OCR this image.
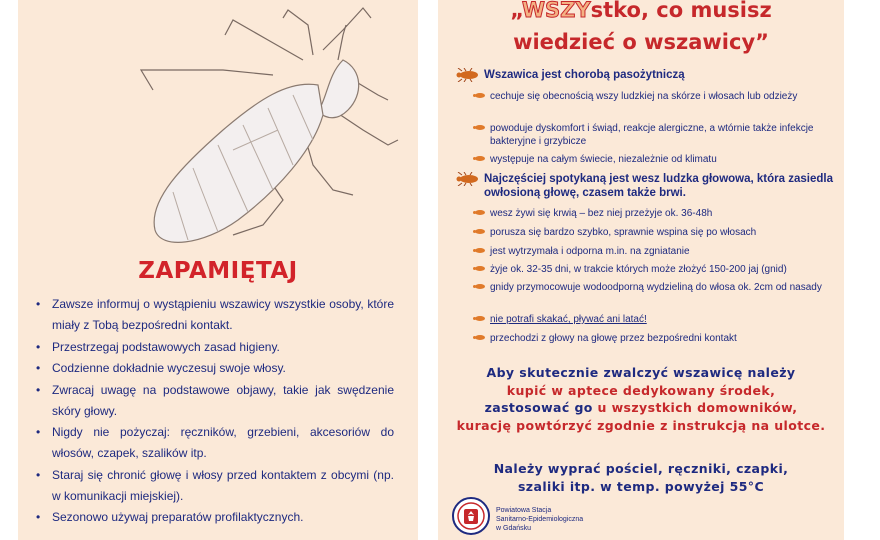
ZAPAMIĘTAJ
• Zawsze informuj o wystąpieniu wszawicy wszystkie osoby, które miały z Tobą bezpośredni kontakt.
• Przestrzegaj podstawowych zasad higieny.
• Codzienne dokładnie wyczesuj swoje włosy.
• Zwracaj uwagę na podstawowe objawy, takie jak swędzenie skóry głowy.
• Nigdy nie pożyczaj: ręczników, grzebieni, akcesoriów do włosów, czapek, szalików itp.
• Staraj się chronić głowę i włosy przed kontaktem z obcymi (np. w komunikacji miejskiej).
• Sezonowo używaj preparatów profilaktycznych.
„WSZYstko, co musisz
wiedzieć o wszawicy”
Wszawica jest chorobą pasożytniczą
cechuje się obecnością wszy ludzkiej na skórze i włosach lub odzieży
powoduje dyskomfort i świąd, reakcje alergiczne, a wtórnie także infekcje bakteryjne i grzybicze
występuje na całym świecie, niezależnie od klimatu
Najczęściej spotykaną jest wesz ludzka głowowa, która zasiedla owłosioną głowę, czasem także brwi.
wesz żywi się krwią – bez niej przeżyje ok. 36-48h
porusza się bardzo szybko, sprawnie wspina się po włosach
jest wytrzymała i odporna m.in. na zgniatanie
żyje ok. 32-35 dni, w trakcie których może złożyć 150-200 jaj (gnid)
gnidy przymocowuje wodoodporną wydzieliną do włosa ok. 2cm od nasady
nie potrafi skakać, pływać ani latać!
przechodzi z głowy na głowę przez bezpośredni kontakt
Aby skutecznie zwalczyć wszawicę należy
kupić w aptece dedykowany środek,
zastosować go u wszystkich domowników,
kurację powtórzyć zgodnie z instrukcją na ulotce.
Należy wyprać pościel, ręczniki, czapki,
szaliki itp. w temp. powyżej 55°C
Powiatowa Stacja
Sanitarno-Epidemiologiczna
w Gdańsku
